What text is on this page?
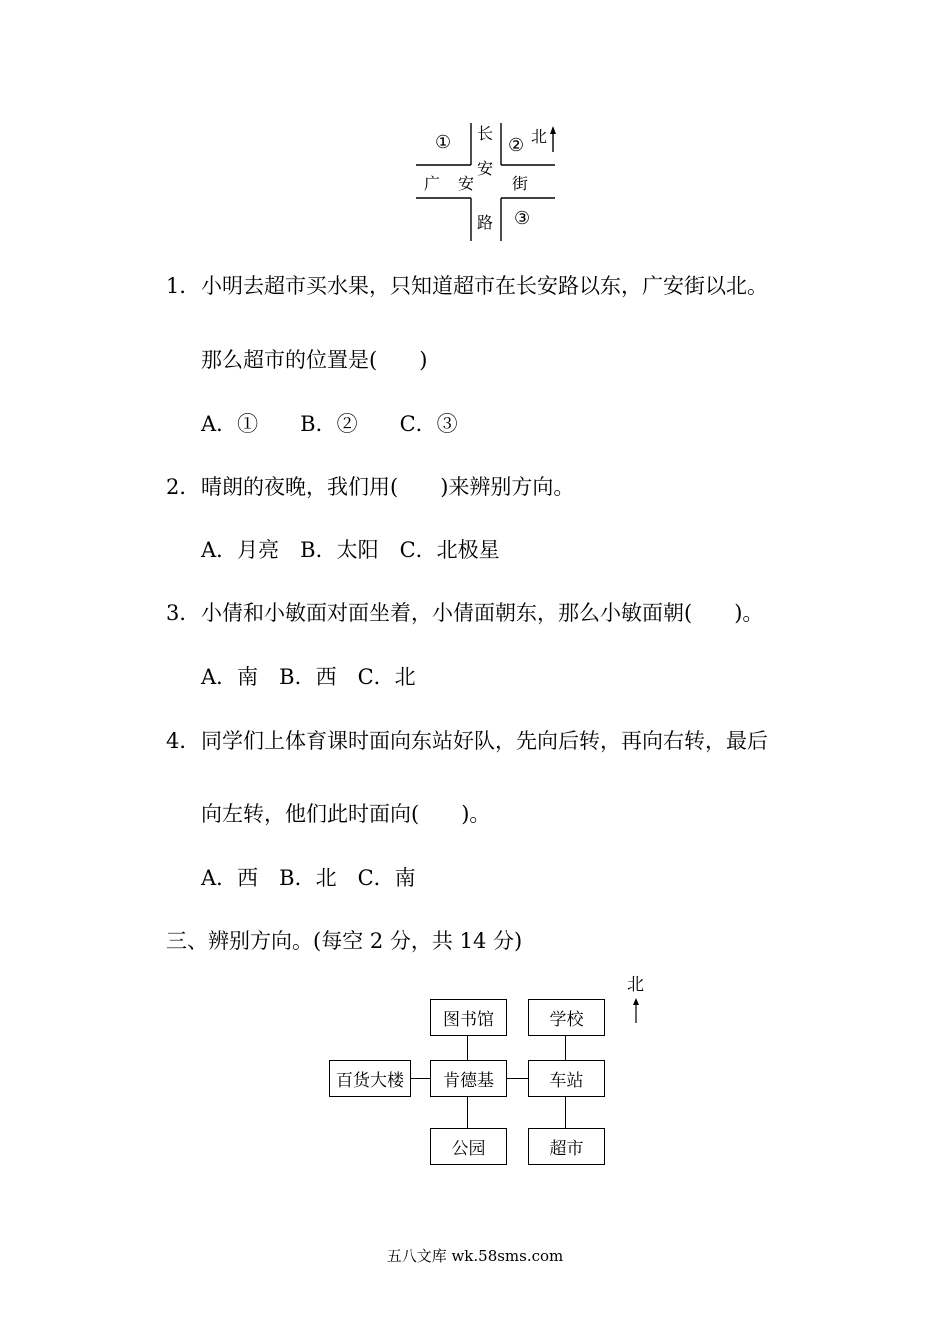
①	②
③
北
长
安
路
广 安 街
1． 小明去超市买水果，只知道超市在长安路以东，广安街以北。
那么超市的位置是(　　)
A．①　　B．②　　C．③
2． 晴朗的夜晚，我们用(　　)来辨别方向。
A．月亮　B．太阳　C．北极星
3． 小倩和小敏面对面坐着，小倩面朝东，那么小敏面朝(　　)。
A．南　B．西　C．北
4． 同学们上体育课时面向东站好队，先向后转，再向右转，最后
向左转，他们此时面向(　　)。
A．西　B．北　C．南
三、辨别方向。(每空 2 分，共 14 分)
图书馆	学校
百货大楼	肯德基	车站
公园	超市
北
五八文库 wk.58sms.com
